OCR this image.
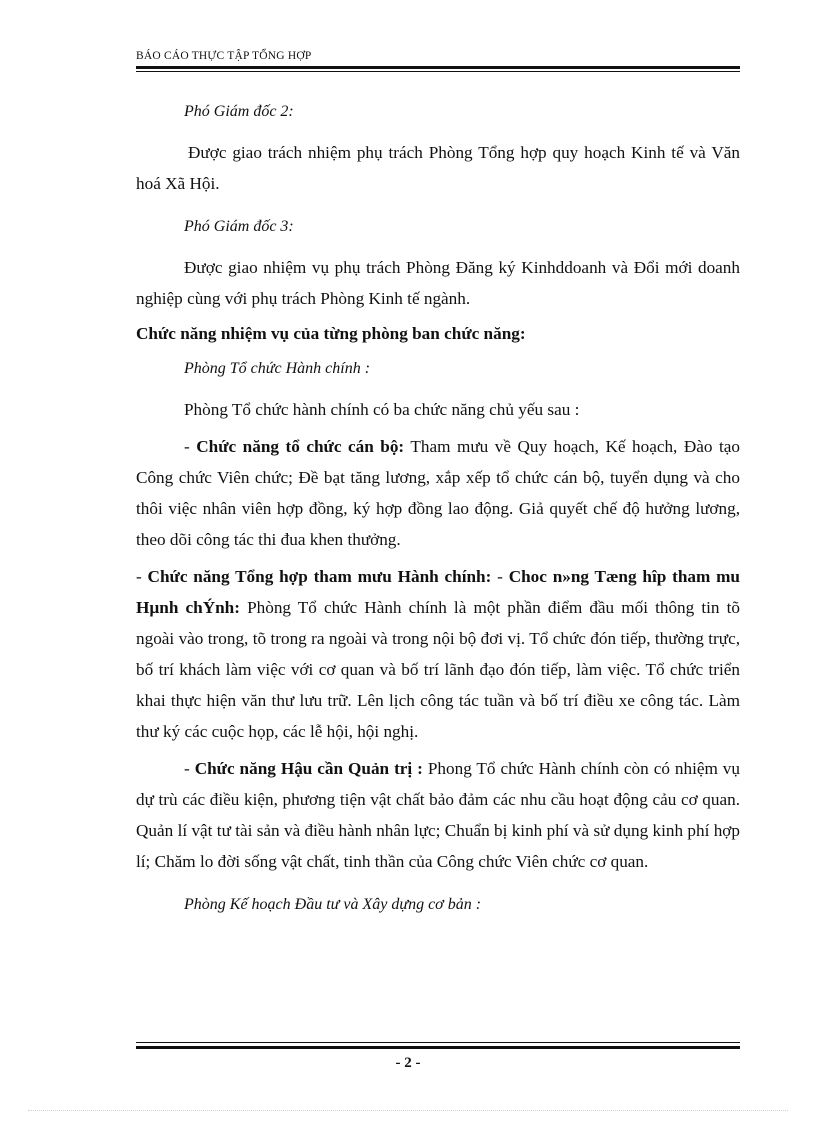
BÁO CÁO THỰC TẬP TỔNG HỢP

Phó Giám đốc 2:

Được giao trách nhiệm phụ trách Phòng Tổng hợp quy hoạch Kinh tế và Văn hoá Xã Hội.

Phó Giám đốc 3:

Được giao nhiệm vụ phụ trách Phòng Đăng ký Kinhddoanh và Đổi mới doanh nghiệp cùng với phụ trách Phòng Kinh tế ngành.

Chức năng nhiệm vụ của từng phòng ban chức năng:

Phòng Tổ chức Hành chính :

Phòng Tổ chức hành chính có ba chức năng chủ yếu sau :

- Chức năng tổ chức cán bộ: Tham mưu về Quy hoạch, Kế hoạch, Đào tạo Công chức Viên chức; Đề bạt tăng lương, xắp xếp tổ chức cán bộ, tuyển dụng và cho thôi việc nhân viên hợp đồng, ký hợp đồng lao động. Giả quyết chế độ hưởng lương, theo dõi công tác thi đua khen thưởng.

- Chức năng Tổng hợp tham mưu Hành chính: - Choc n»ng Tæng hîp tham mu Hµnh chÝnh: Phòng Tổ chức Hành chính là một phần điểm đầu mối thông tin tõ ngoài vào trong, tõ trong ra ngoài và trong nội bộ đơi vị. Tổ chức đón tiếp, thường trực, bố trí khách làm việc với cơ quan và bố trí lãnh đạo đón tiếp, làm việc. Tổ chức triển khai thực hiện văn thư lưu trữ. Lên lịch công tác tuần và bố trí điều xe công tác. Làm thư ký các cuộc họp, các lễ hội, hội nghị.

- Chức năng Hậu cần Quản trị : Phong Tổ chức Hành chính còn có nhiệm vụ dự trù các điều kiện, phương tiện vật chất bảo đảm các nhu cầu hoạt động cảu cơ quan. Quản lí vật tư tài sản và điều hành nhân lực; Chuẩn bị kinh phí và sử dụng kinh phí hợp lí; Chăm lo đời sống vật chất, tinh thần của Công chức Viên chức cơ quan.

Phòng Kế hoạch Đầu tư và Xây dựng cơ bản :

- 2 -
